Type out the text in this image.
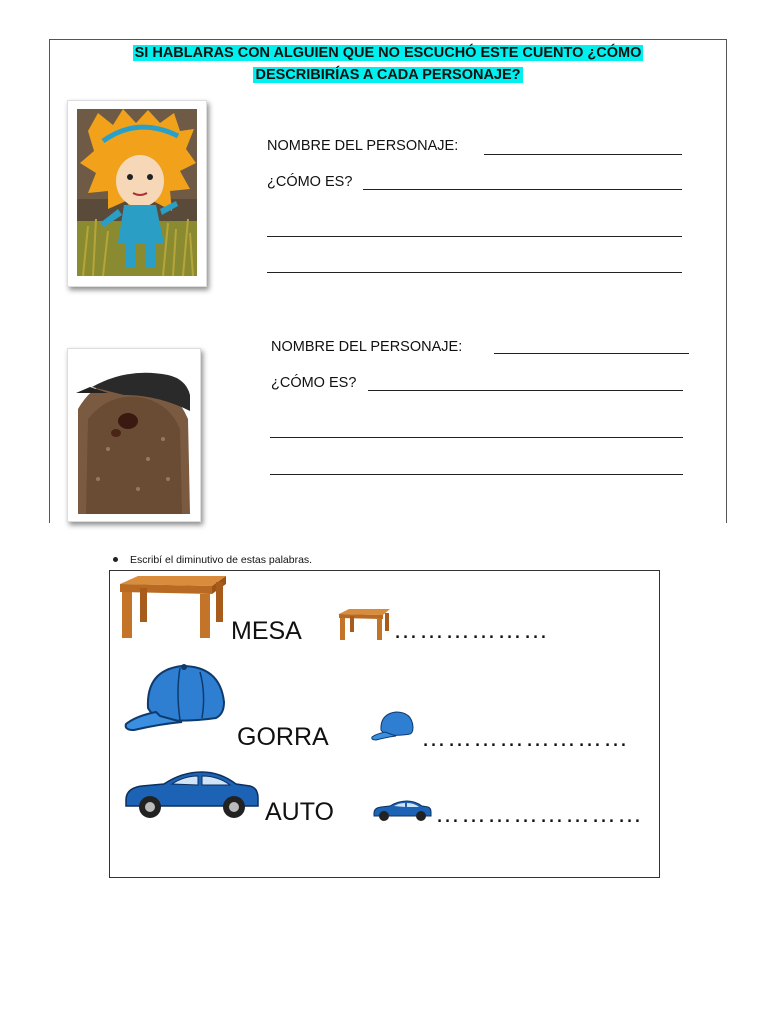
SI HABLARAS CON ALGUIEN QUE NO ESCUCHÓ ESTE CUENTO ¿CÓMO
DESCRIBIRÍAS A CADA PERSONAJE?
NOMBRE DEL PERSONAJE:
¿CÓMO ES?
NOMBRE DEL PERSONAJE:
¿CÓMO ES?
Escribí el diminutivo de estas palabras.
MESA	………………
GORRA	……………………
AUTO	……………………
